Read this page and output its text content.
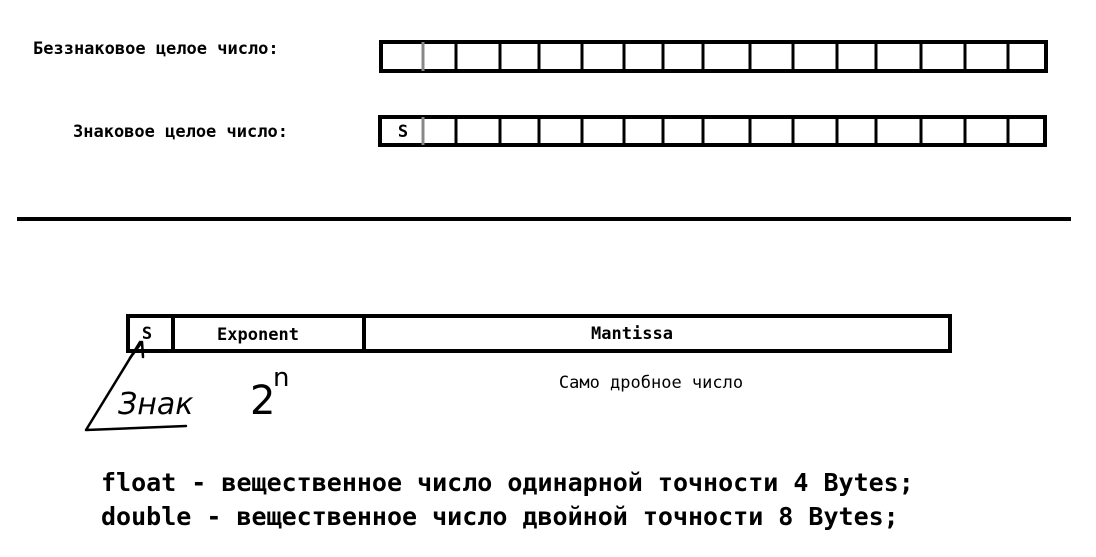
Беззнаковое целое число:
Знаковое целое число:	S
S	Exponent	Mantissa
Само дробное число
Знак 2
n
float - вещественное число одинарной точности 4 Bytes;
double - вещественное число двойной точности 8 Bytes;
